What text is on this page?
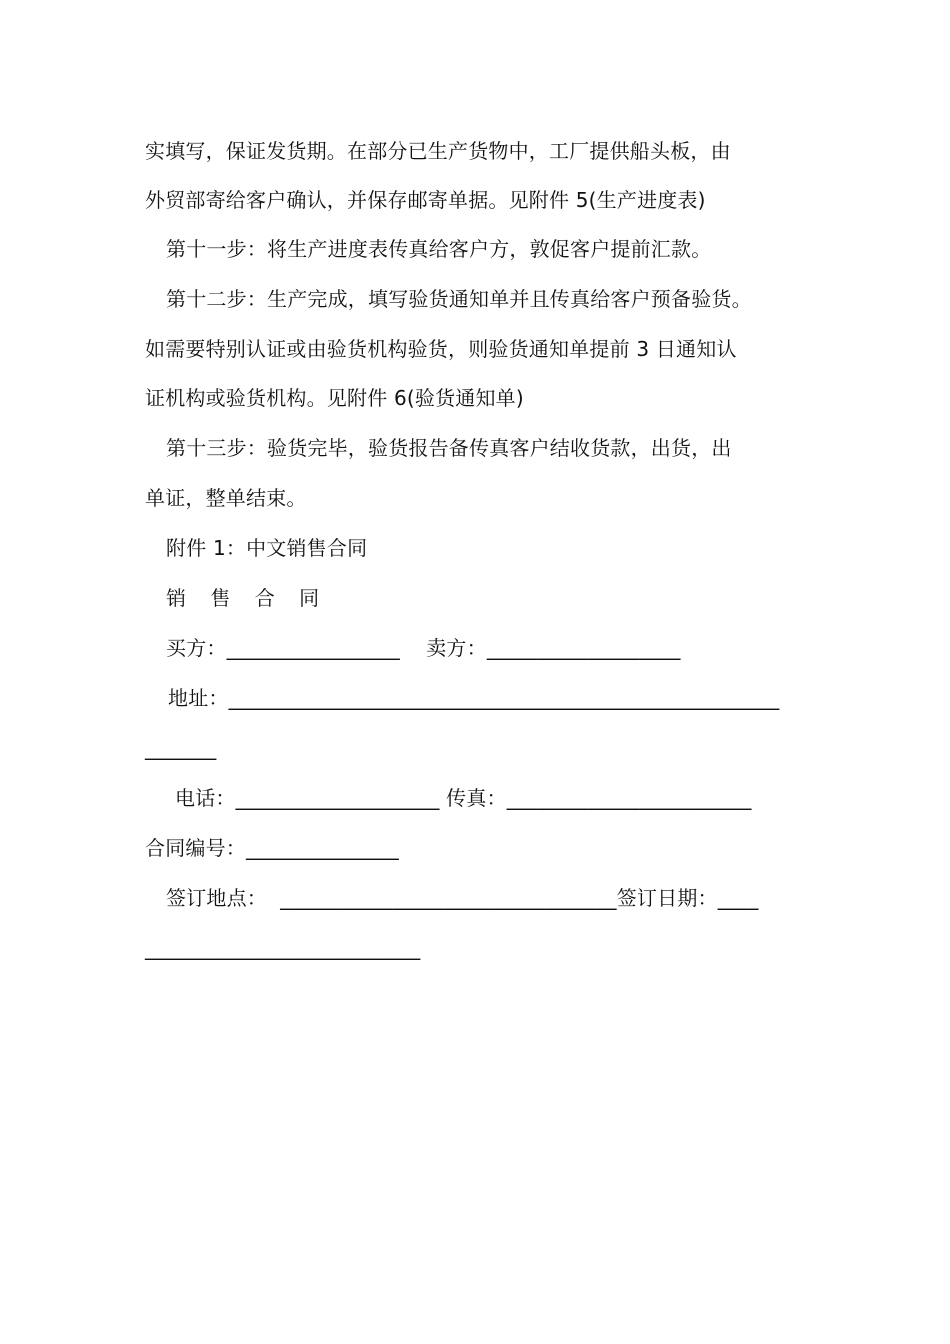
实填写，保证发货期。在部分已生产货物中，工厂提供船头板，由
外贸部寄给客户确认，并保存邮寄单据。见附件 5(生产进度表)
第十一步：将生产进度表传真给客户方，敦促客户提前汇款。
第十二步：生产完成，填写验货通知单并且传真给客户预备验货。
如需要特别认证或由验货机构验货，则验货通知单提前 3 日通知认
证机构或验货机构。见附件 6(验货通知单)
第十三步：验货完毕，验货报告备传真客户结收货款，出货，出
单证，整单结束。
附件 1：中文销售合同
销 售 合 同
买方：_________________    卖方：___________________
地址：______________________________________________________
_______
电话：____________________ 传真：________________________
合同编号：_______________
签订地点：  _________________________________签订日期：____
___________________________
